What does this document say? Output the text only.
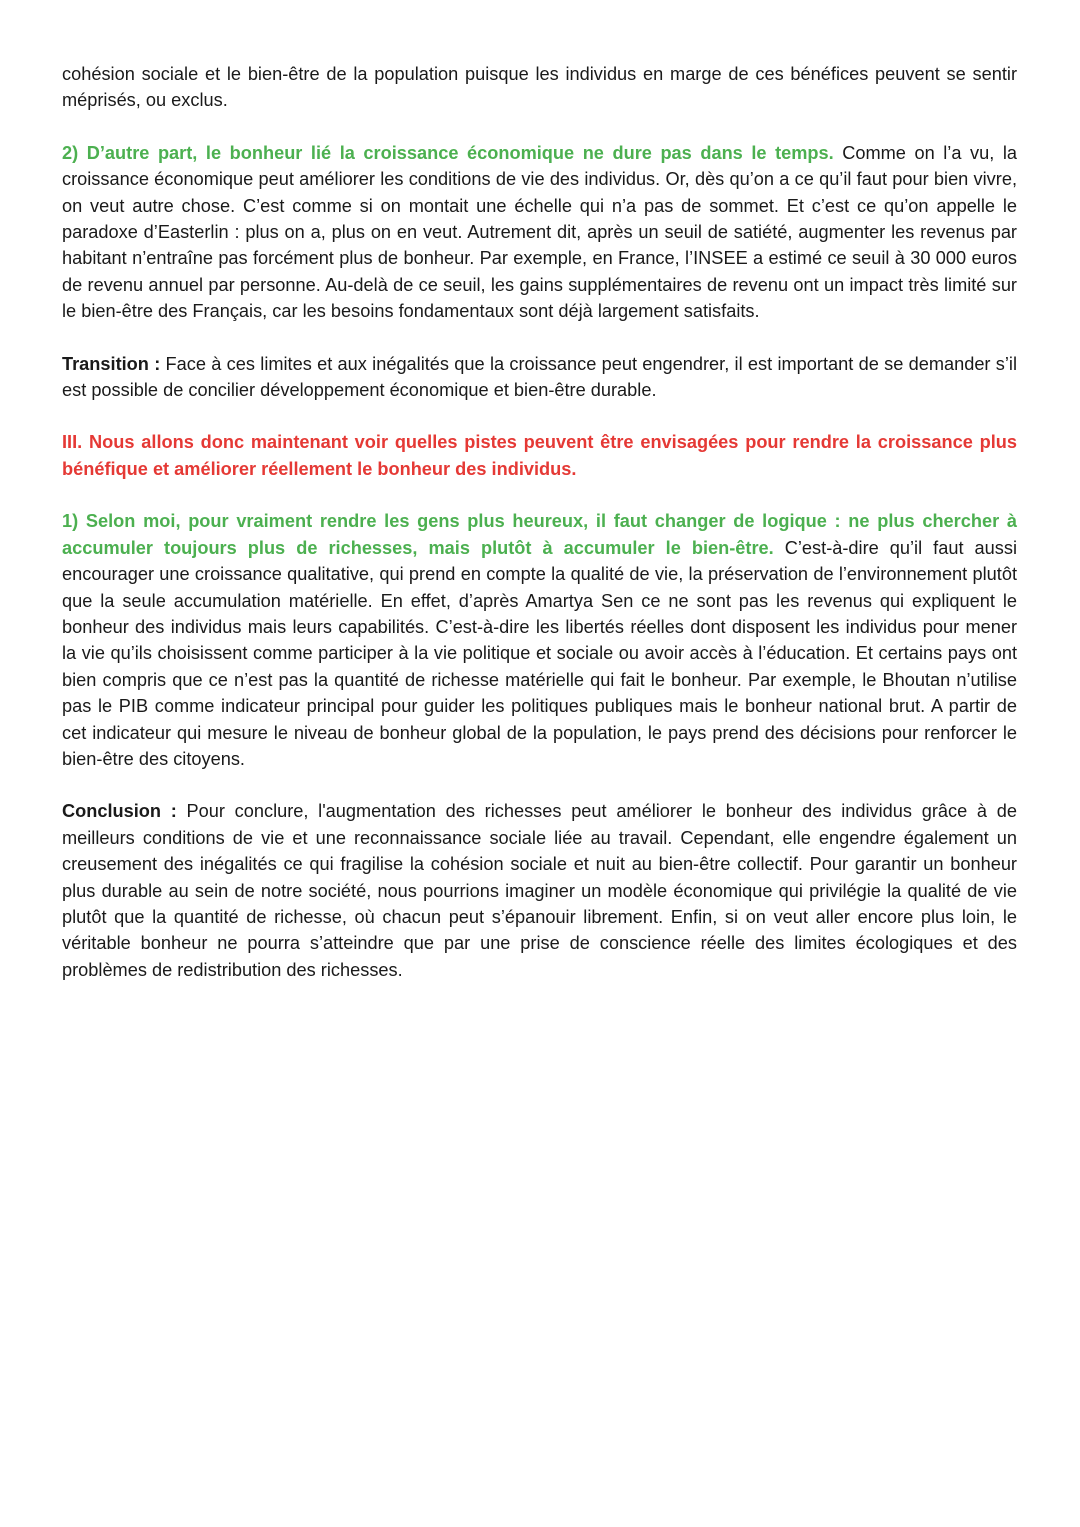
cohésion sociale et le bien-être de la population puisque les individus en marge de ces bénéfices peuvent se sentir méprisés, ou exclus.

2) D’autre part, le bonheur lié la croissance économique ne dure pas dans le temps. Comme on l’a vu, la croissance économique peut améliorer les conditions de vie des individus. Or, dès qu’on a ce qu’il faut pour bien vivre, on veut autre chose. C’est comme si on montait une échelle qui n’a pas de sommet. Et c’est ce qu’on appelle le paradoxe d’Easterlin : plus on a, plus on en veut. Autrement dit, après un seuil de satiété, augmenter les revenus par habitant n’entraîne pas forcément plus de bonheur. Par exemple, en France, l’INSEE a estimé ce seuil à 30 000 euros de revenu annuel par personne. Au-delà de ce seuil, les gains supplémentaires de revenu ont un impact très limité sur le bien-être des Français, car les besoins fondamentaux sont déjà largement satisfaits.

Transition : Face à ces limites et aux inégalités que la croissance peut engendrer, il est important de se demander s’il est possible de concilier développement économique et bien-être durable.

III. Nous allons donc maintenant voir quelles pistes peuvent être envisagées pour rendre la croissance plus bénéfique et améliorer réellement le bonheur des individus.

1) Selon moi, pour vraiment rendre les gens plus heureux, il faut changer de logique : ne plus chercher à accumuler toujours plus de richesses, mais plutôt à accumuler le bien-être. C’est-à-dire qu’il faut aussi encourager une croissance qualitative, qui prend en compte la qualité de vie, la préservation de l’environnement plutôt que la seule accumulation matérielle. En effet, d’après Amartya Sen ce ne sont pas les revenus qui expliquent le bonheur des individus mais leurs capabilités. C’est-à-dire les libertés réelles dont disposent les individus pour mener la vie qu’ils choisissent comme participer à la vie politique et sociale ou avoir accès à l’éducation. Et certains pays ont bien compris que ce n’est pas la quantité de richesse matérielle qui fait le bonheur. Par exemple, le Bhoutan n’utilise pas le PIB comme indicateur principal pour guider les politiques publiques mais le bonheur national brut. A partir de cet indicateur qui mesure le niveau de bonheur global de la population, le pays prend des décisions pour renforcer le bien-être des citoyens.

Conclusion : Pour conclure, l'augmentation des richesses peut améliorer le bonheur des individus grâce à de meilleurs conditions de vie et une reconnaissance sociale liée au travail. Cependant, elle engendre également un creusement des inégalités ce qui fragilise la cohésion sociale et nuit au bien-être collectif. Pour garantir un bonheur plus durable au sein de notre société, nous pourrions imaginer un modèle économique qui privilégie la qualité de vie plutôt que la quantité de richesse, où chacun peut s’épanouir librement. Enfin, si on veut aller encore plus loin, le véritable bonheur ne pourra s’atteindre que par une prise de conscience réelle des limites écologiques et des problèmes de redistribution des richesses.
